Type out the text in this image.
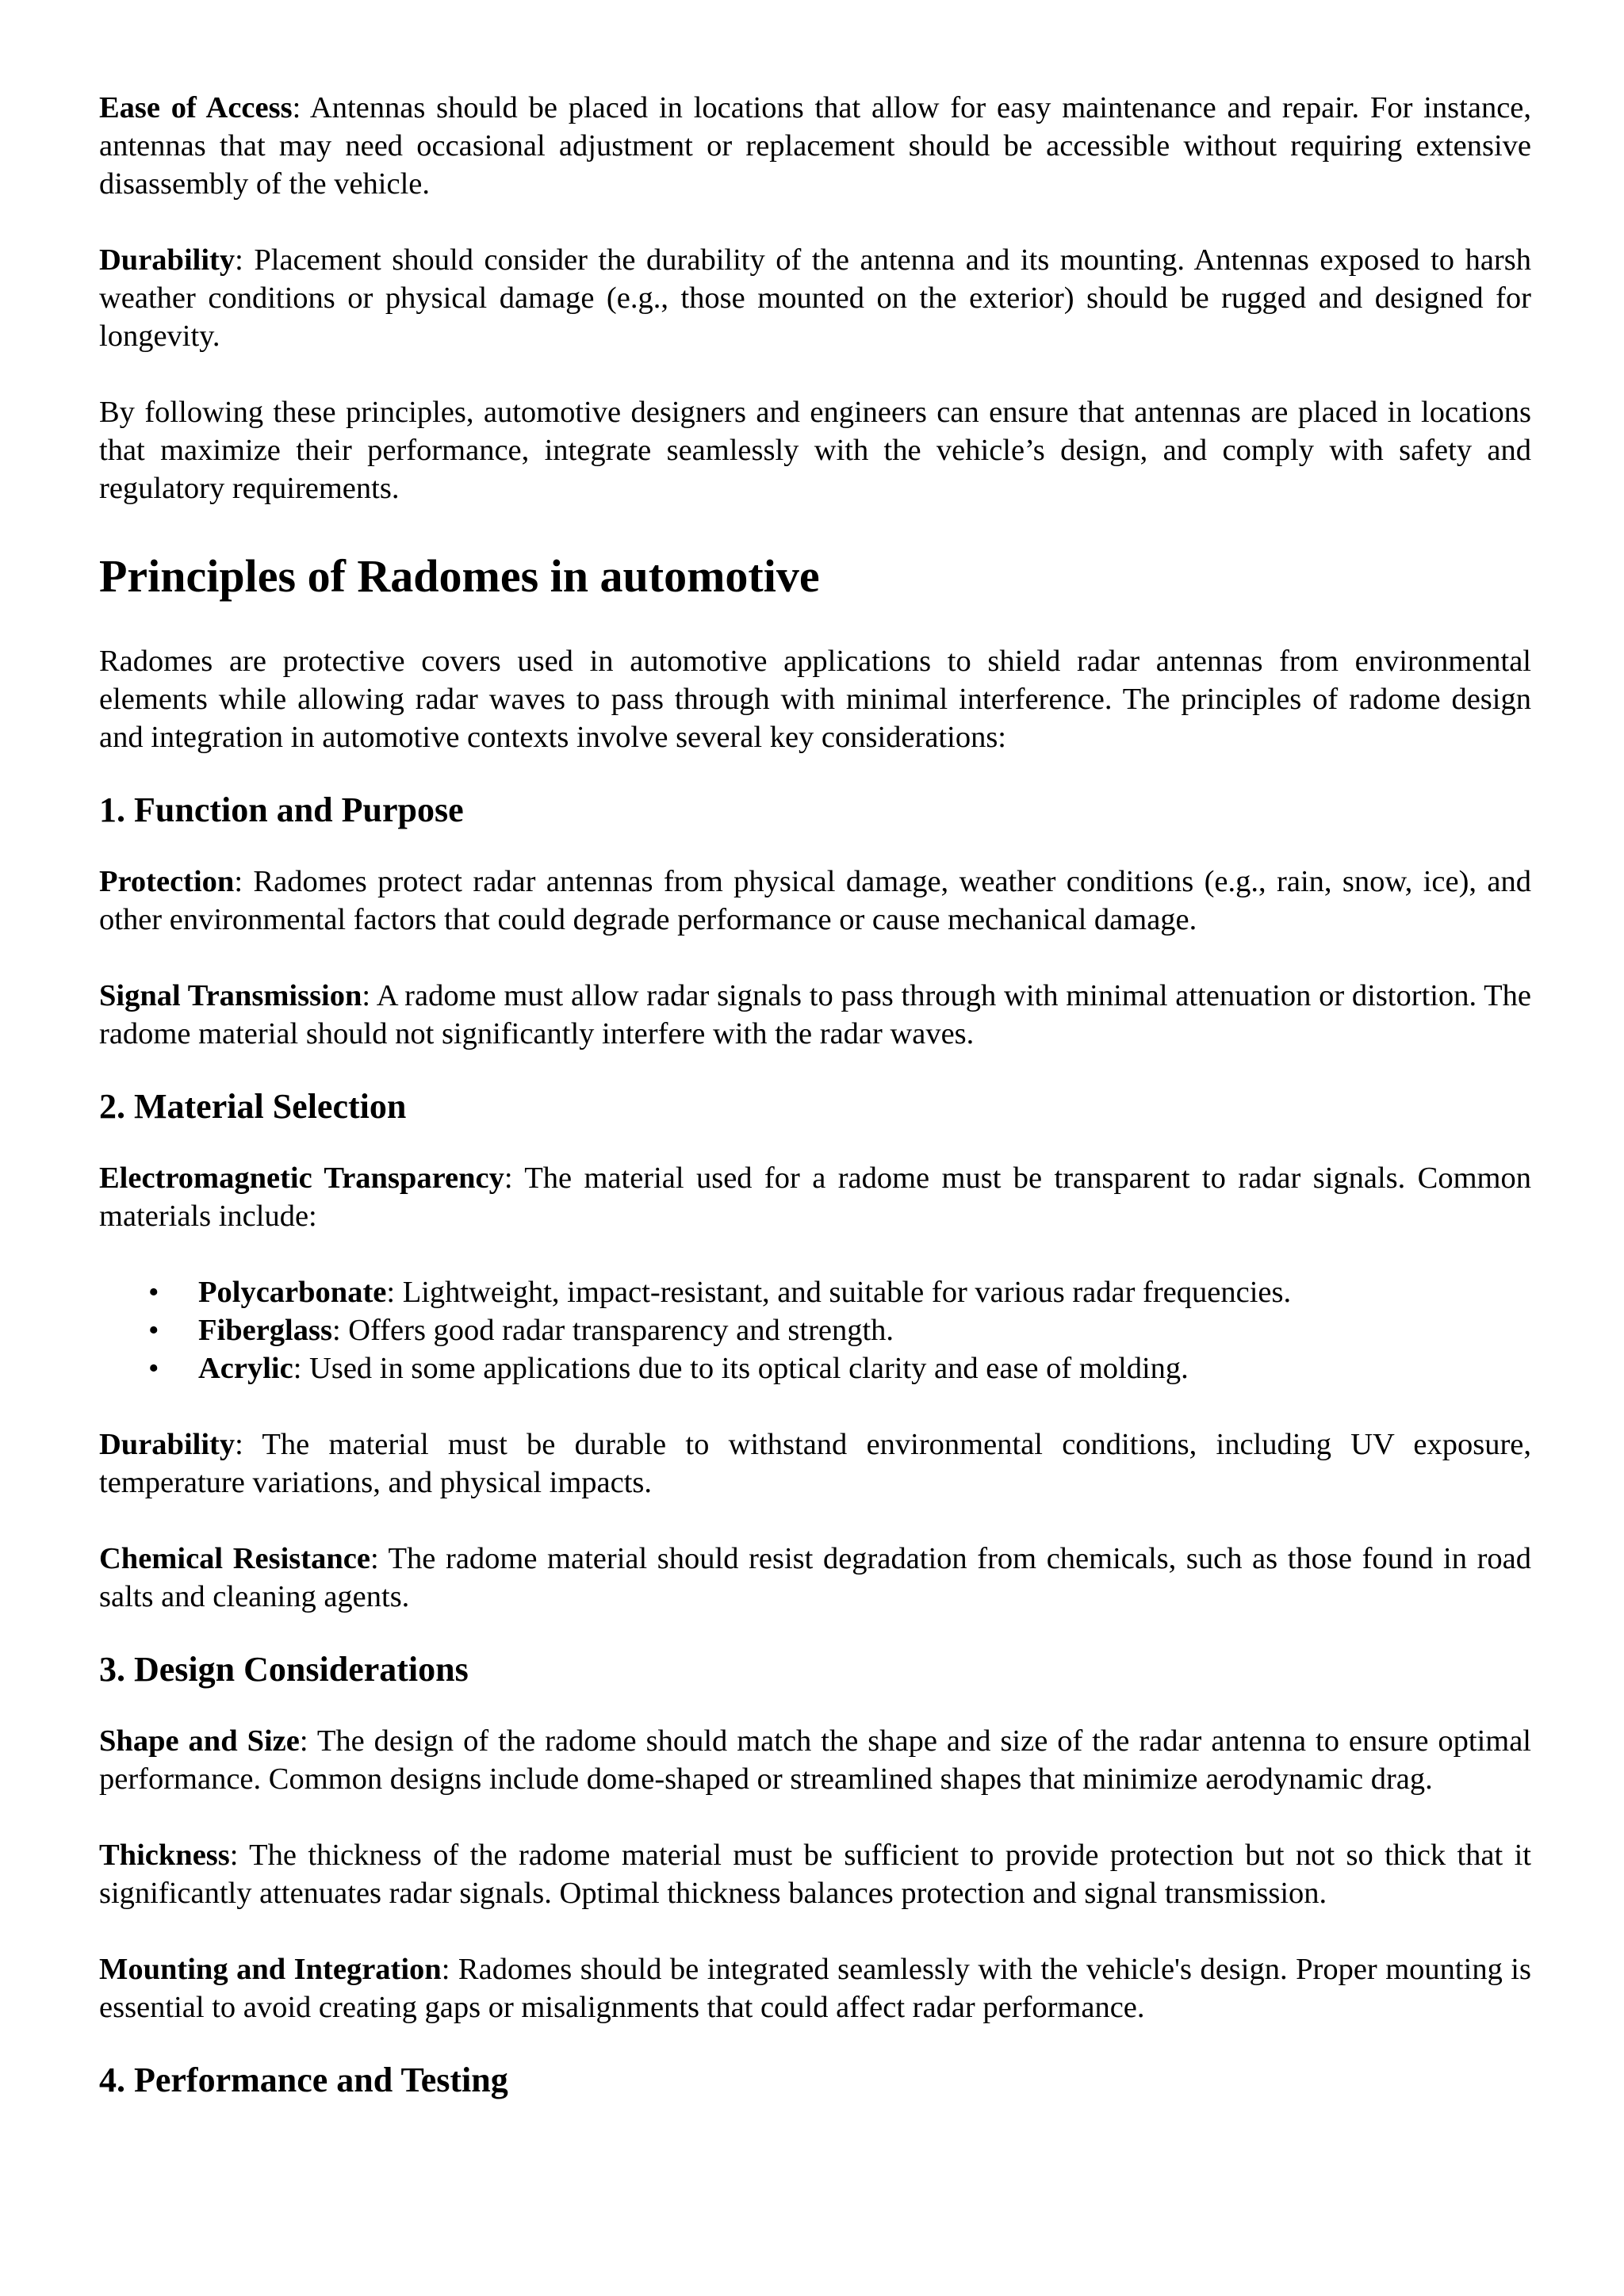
Ease of Access: Antennas should be placed in locations that allow for easy maintenance and repair. For instance, antennas that may need occasional adjustment or replacement should be accessible without requiring extensive disassembly of the vehicle.

Durability: Placement should consider the durability of the antenna and its mounting. Antennas exposed to harsh weather conditions or physical damage (e.g., those mounted on the exterior) should be rugged and designed for longevity.

By following these principles, automotive designers and engineers can ensure that antennas are placed in locations that maximize their performance, integrate seamlessly with the vehicle’s design, and comply with safety and regulatory requirements.

Principles of Radomes in automotive

Radomes are protective covers used in automotive applications to shield radar antennas from environmental elements while allowing radar waves to pass through with minimal interference. The principles of radome design and integration in automotive contexts involve several key considerations:

1. Function and Purpose

Protection: Radomes protect radar antennas from physical damage, weather conditions (e.g., rain, snow, ice), and other environmental factors that could degrade performance or cause mechanical damage.

Signal Transmission: A radome must allow radar signals to pass through with minimal attenuation or distortion. The radome material should not significantly interfere with the radar waves.

2. Material Selection

Electromagnetic Transparency: The material used for a radome must be transparent to radar signals. Common materials include:

• Polycarbonate: Lightweight, impact-resistant, and suitable for various radar frequencies.
• Fiberglass: Offers good radar transparency and strength.
• Acrylic: Used in some applications due to its optical clarity and ease of molding.

Durability: The material must be durable to withstand environmental conditions, including UV exposure, temperature variations, and physical impacts.

Chemical Resistance: The radome material should resist degradation from chemicals, such as those found in road salts and cleaning agents.

3. Design Considerations

Shape and Size: The design of the radome should match the shape and size of the radar antenna to ensure optimal performance. Common designs include dome-shaped or streamlined shapes that minimize aerodynamic drag.

Thickness: The thickness of the radome material must be sufficient to provide protection but not so thick that it significantly attenuates radar signals. Optimal thickness balances protection and signal transmission.

Mounting and Integration: Radomes should be integrated seamlessly with the vehicle's design. Proper mounting is essential to avoid creating gaps or misalignments that could affect radar performance.

4. Performance and Testing
